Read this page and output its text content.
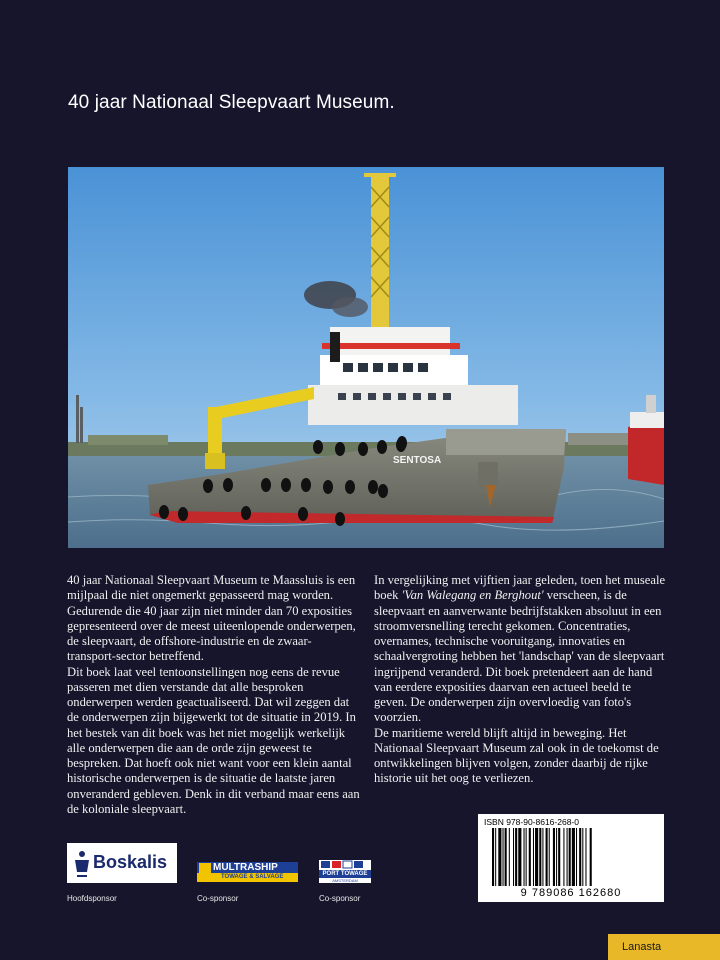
40 jaar Nationaal Sleepvaart Museum.
SENTOSA

40 jaar Nationaal Sleepvaart Museum te Maassluis is een mijlpaal die niet ongemerkt gepasseerd mag worden. Gedurende die 40 jaar zijn niet minder dan 70 exposities gepresenteerd over de meest uiteenlopende onderwerpen, de sleepvaart, de offshore-industrie en de zwaar-transport-sector betreffend.

Dit boek laat veel tentoonstellingen nog eens de revue passeren met dien verstande dat alle besproken onderwerpen werden geactualiseerd. Dat wil zeggen dat de onderwerpen zijn bijgewerkt tot de situatie in 2019. In het bestek van dit boek was het niet mogelijk werkelijk alle onderwerpen die aan de orde zijn geweest te bespreken. Dat hoeft ook niet want voor een klein aantal historische onderwerpen is de situatie de laatste jaren onveranderd gebleven. Denk in dit verband maar eens aan de koloniale sleepvaart.

In vergelijking met vijftien jaar geleden, toen het museale boek 'Van Walegang en Berghout' verscheen, is de sleepvaart en aanverwante bedrijfstakken absoluut in een stroomversnelling terecht gekomen. Concentraties, overnames, technische vooruitgang, innovaties en schaalvergroting hebben het 'landschap' van de sleepvaart ingrijpend veranderd. Dit boek pretendeert aan de hand van eerdere exposities daarvan een actueel beeld te geven. De onderwerpen zijn overvloedig van foto's voorzien.

De maritieme wereld blijft altijd in beweging. Het Nationaal Sleepvaart Museum zal ook in de toekomst de ontwikkelingen blijven volgen, zonder daarbij de rijke historie uit het oog te verliezen.

ISBN 978-90-8616-268-0
9 789086 162680
Boskalis
Hoofdsponsor
MULTRASHIP
TOWAGE & SALVAGE
Co-sponsor
PORT TOWAGE
AMSTERDAM
Co-sponsor
Lanasta
